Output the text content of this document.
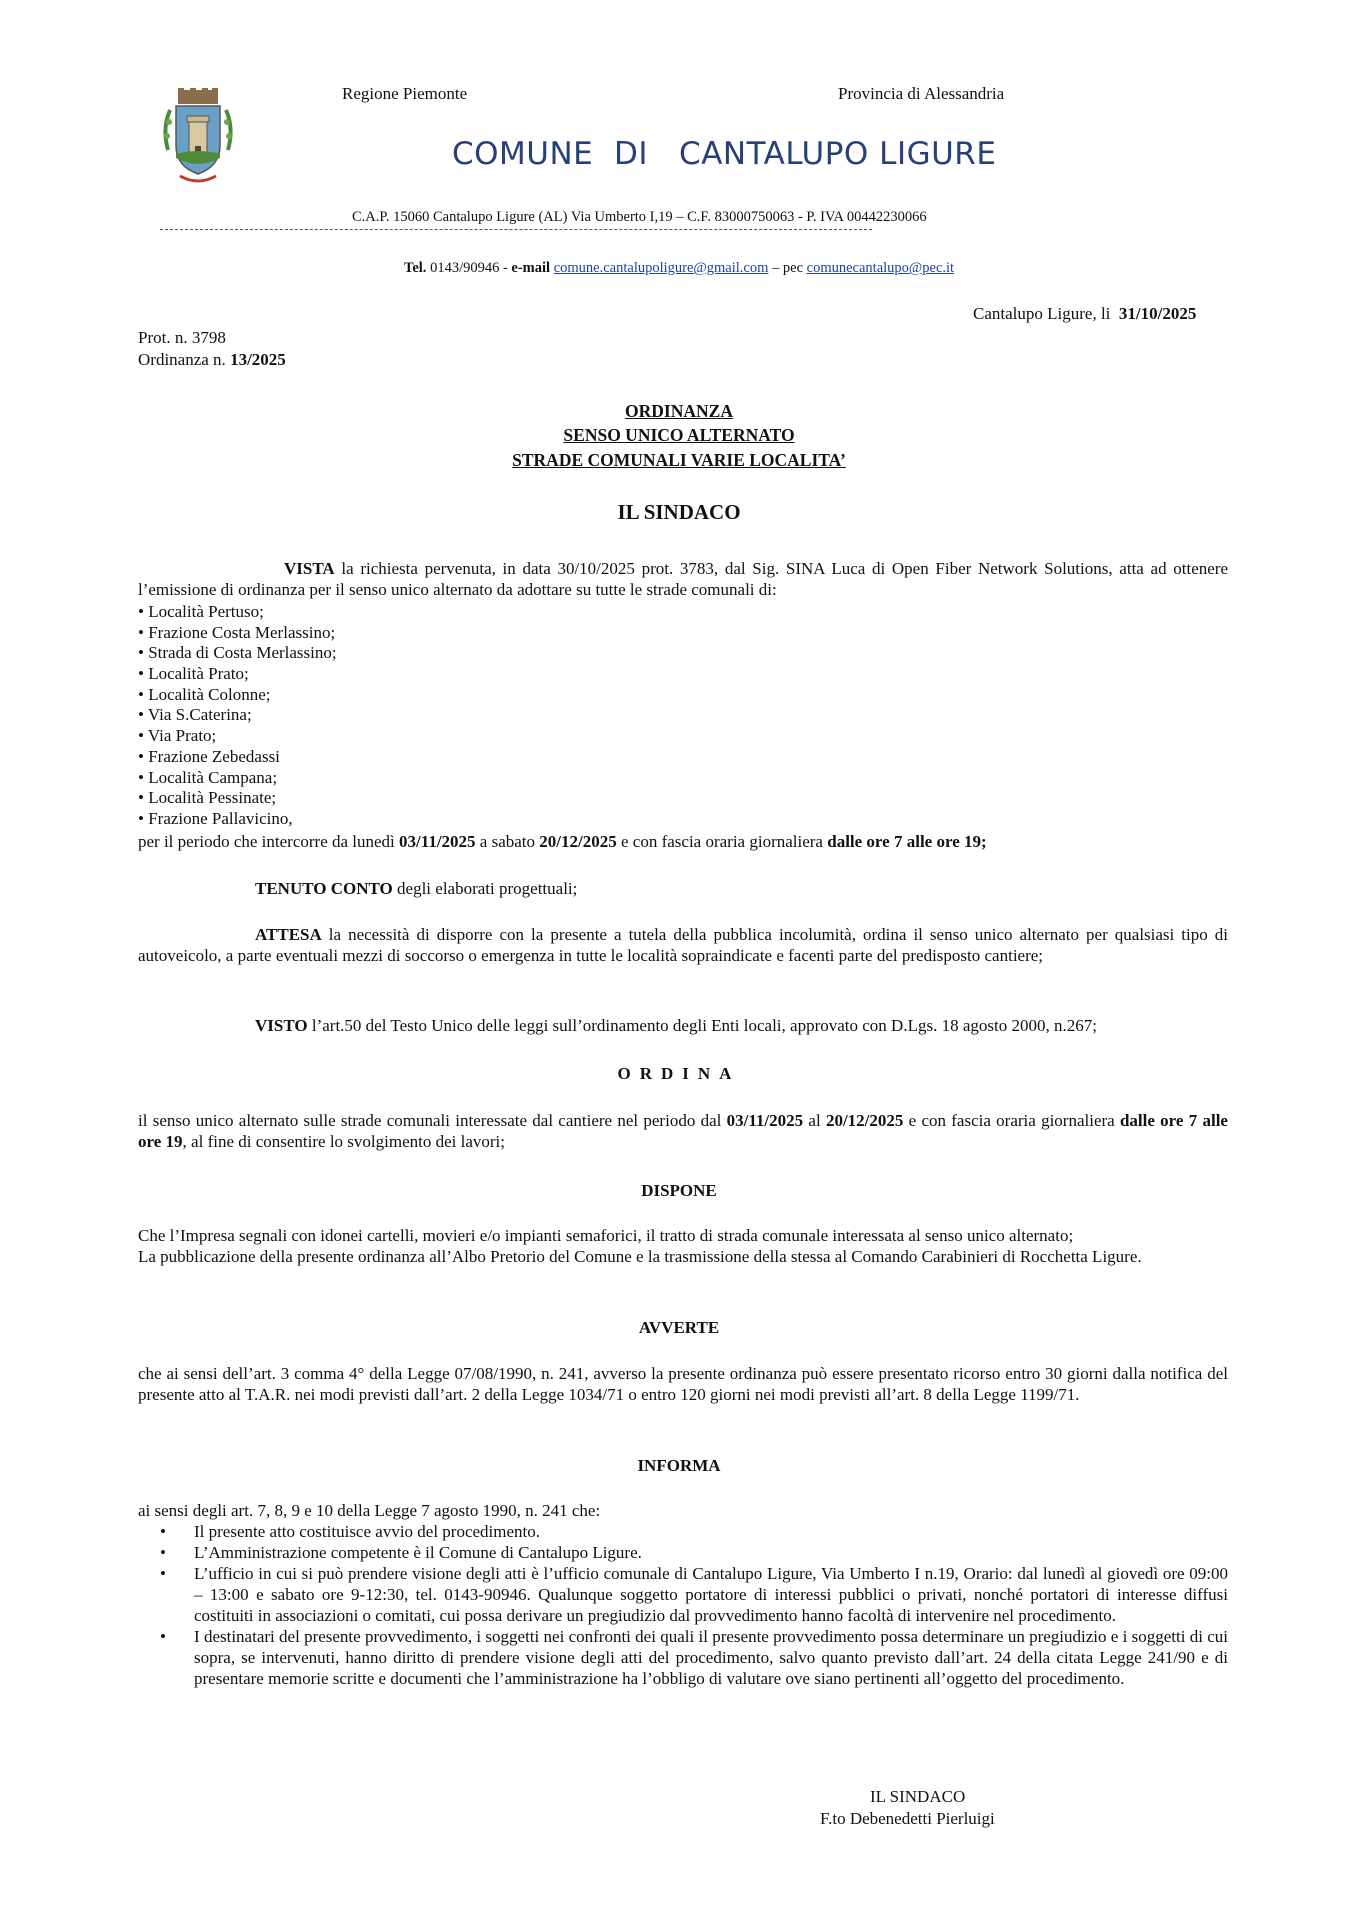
Regione Piemonte	Provincia di Alessandria
COMUNE  DI   CANTALUPO LIGURE
C.A.P. 15060 Cantalupo Ligure (AL) Via Umberto I,19 – C.F. 83000750063 - P. IVA 00442230066
Tel. 0143/90946 - e-mail comune.cantalupoligure@gmail.com – pec comunecantalupo@pec.it
Cantalupo Ligure, li  31/10/2025
Prot. n. 3798
Ordinanza n. 13/2025
ORDINANZA
SENSO UNICO ALTERNATO
STRADE COMUNALI VARIE LOCALITA’
IL SINDACO
VISTA la richiesta pervenuta, in data 30/10/2025 prot. 3783, dal Sig. SINA Luca di Open Fiber Network Solutions, atta ad ottenere l’emissione di ordinanza per il senso unico alternato da adottare su tutte le strade comunali di:
• Località Pertuso;
• Frazione Costa Merlassino;
• Strada di Costa Merlassino;
• Località Prato;
• Località Colonne;
• Via S.Caterina;
• Via Prato;
• Frazione Zebedassi
• Località Campana;
• Località Pessinate;
• Frazione Pallavicino,
per il periodo che intercorre da lunedì 03/11/2025 a sabato 20/12/2025 e con fascia oraria giornaliera dalle ore 7 alle ore 19;
TENUTO CONTO degli elaborati progettuali;
ATTESA la necessità di disporre con la presente a tutela della pubblica incolumità, ordina il senso unico alternato per qualsiasi tipo di autoveicolo, a parte eventuali mezzi di soccorso o emergenza in tutte le località sopraindicate e facenti parte del predisposto cantiere;
VISTO l’art.50 del Testo Unico delle leggi sull’ordinamento degli Enti locali, approvato con D.Lgs. 18 agosto 2000, n.267;
ORDINA
il senso unico alternato sulle strade comunali interessate dal cantiere nel periodo dal 03/11/2025 al 20/12/2025 e con fascia oraria giornaliera dalle ore 7 alle ore 19, al fine di consentire lo svolgimento dei lavori;
DISPONE
Che l’Impresa segnali con idonei cartelli, movieri e/o impianti semaforici, il tratto di strada comunale interessata al senso unico alternato;
La pubblicazione della presente ordinanza all’Albo Pretorio del Comune e la trasmissione della stessa al Comando Carabinieri di Rocchetta Ligure.
AVVERTE
che ai sensi dell’art. 3 comma 4° della Legge 07/08/1990, n. 241, avverso la presente ordinanza può essere presentato ricorso entro 30 giorni dalla notifica del presente atto al T.A.R. nei modi previsti dall’art. 2 della Legge 1034/71 o entro 120 giorni nei modi previsti all’art. 8 della Legge 1199/71.
INFORMA
ai sensi degli art. 7, 8, 9 e 10 della Legge 7 agosto 1990, n. 241 che:
• Il presente atto costituisce avvio del procedimento.
• L’Amministrazione competente è il Comune di Cantalupo Ligure.
• L’ufficio in cui si può prendere visione degli atti è l’ufficio comunale di Cantalupo Ligure, Via Umberto I n.19, Orario: dal lunedì al giovedì ore 09:00 – 13:00 e sabato ore 9-12:30, tel. 0143-90946. Qualunque soggetto portatore di interessi pubblici o privati, nonché portatori di interesse diffusi costituiti in associazioni o comitati, cui possa derivare un pregiudizio dal provvedimento hanno facoltà di intervenire nel procedimento.
• I destinatari del presente provvedimento, i soggetti nei confronti dei quali il presente provvedimento possa determinare un pregiudizio e i soggetti di cui sopra, se intervenuti, hanno diritto di prendere visione degli atti del procedimento, salvo quanto previsto dall’art. 24 della citata Legge 241/90 e di presentare memorie scritte e documenti che l’amministrazione ha l’obbligo di valutare ove siano pertinenti all’oggetto del procedimento.
IL SINDACO
F.to Debenedetti Pierluigi
